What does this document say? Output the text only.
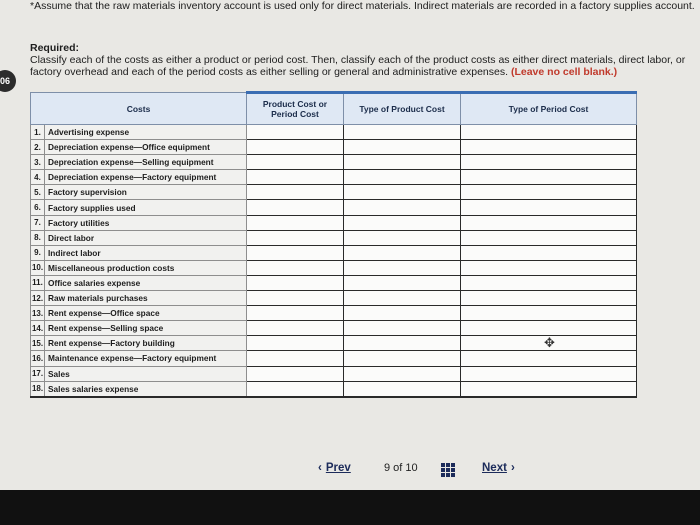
06
*Assume that the raw materials inventory account is used only for direct materials. Indirect materials are recorded in a factory supplies account.
Required:
Classify each of the costs as either a product or period cost. Then, classify each of the product costs as either direct materials, direct labor, or factory overhead and each of the period costs as either selling or general and administrative expenses. (Leave no cell blank.)
Costs		Product Cost or Period Cost	Type of Product Cost	Type of Period Cost
1.	Advertising expense			
2.	Depreciation expense—Office equipment			
3.	Depreciation expense—Selling equipment			
4.	Depreciation expense—Factory equipment			
5.	Factory supervision			
6.	Factory supplies used			
7.	Factory utilities			
8.	Direct labor			
9.	Indirect labor			
10.	Miscellaneous production costs			
11.	Office salaries expense			
12.	Raw materials purchases			
13.	Rent expense—Office space			
14.	Rent expense—Selling space			
15.	Rent expense—Factory building			
16.	Maintenance expense—Factory equipment			
17.	Sales			
18.	Sales salaries expense			
✥
‹ Prev	9 of 10	Next ›
